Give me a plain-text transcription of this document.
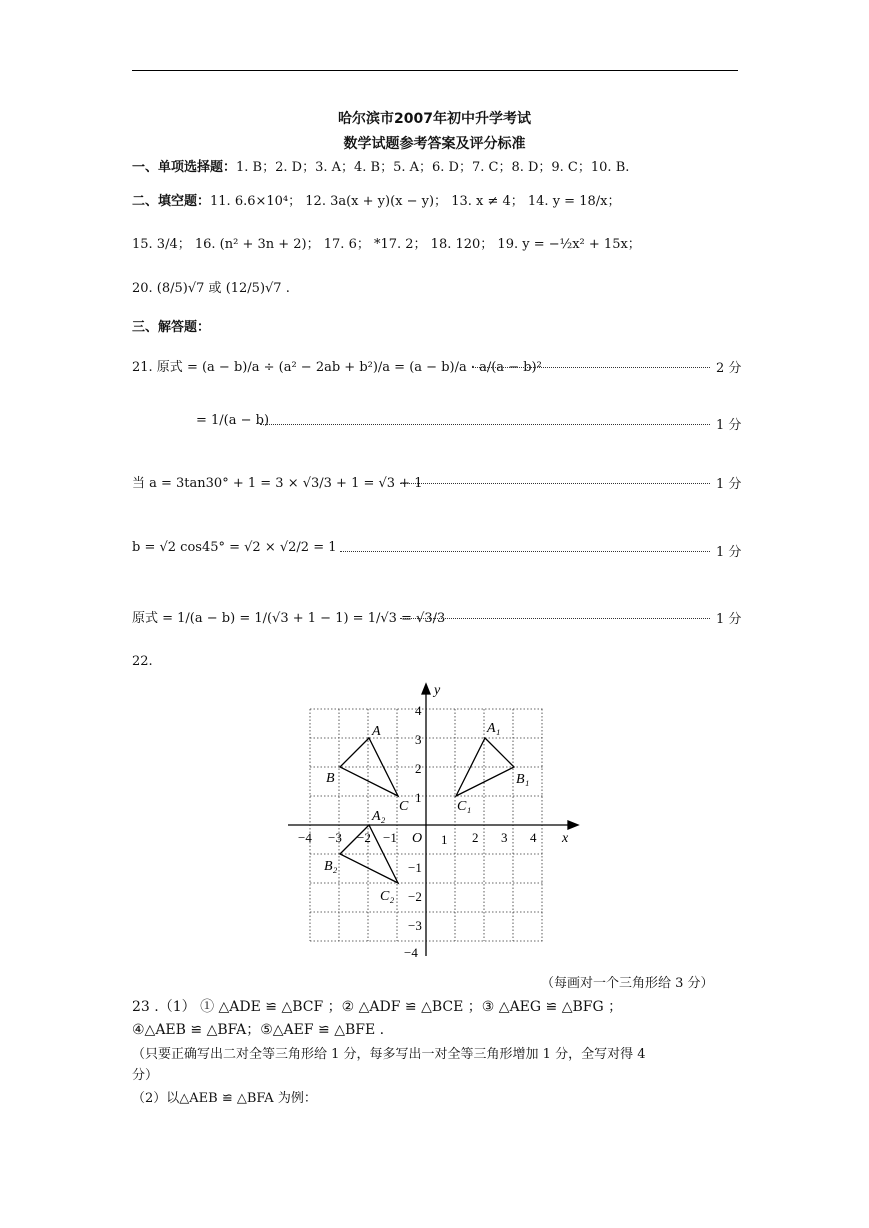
哈尔滨市2007年初中升学考试
数学试题参考答案及评分标准
一、单项选择题：1. B；2. D；3. A；4. B；5. A；6. D；7. C；8. D；9. C；10. B.
二、填空题：11. 6.6×10⁴； 12. 3a(x + y)(x − y)； 13. x ≠ 4； 14. y = 18/x；
15. 3/4； 16. (n² + 3n + 2)； 17. 6； *17. 2； 18. 120； 19. y = −½x² + 15x；
20. (8/5)√7 或 (12/5)√7 .
三、解答题：
21. 原式 = (a − b)/a ÷ (a² − 2ab + b²)/a = (a − b)/a · a/(a − b)²	2 分
= 1/(a − b)	1 分
当 a = 3tan30° + 1 = 3 × √3/3 + 1 = √3 + 1	1 分
b = √2 cos45° = √2 × √2/2 = 1	1 分
原式 = 1/(a − b) = 1/(√3 + 1 − 1) = 1/√3 = √3/3	1 分
22.
x
y
O
−4 −3 −2 −1	1 2 3 4
4
3
2
1
−1
−2
−3
−4
A
B
C
A₁
B₁
C₁
A₂
B₂
C₂
（每画对一个三角形给 3 分）
23 .（1） ① △ADE ≌ △BCF ；② △ADF ≌ △BCE ；③ △AEG ≌ △BFG ；
④△AEB ≌ △BFA；⑤△AEF ≌ △BFE .
（只要正确写出二对全等三角形给 1 分，每多写出一对全等三角形增加 1 分，全写对得 4
分）
（2）以△AEB ≌ △BFA 为例：
